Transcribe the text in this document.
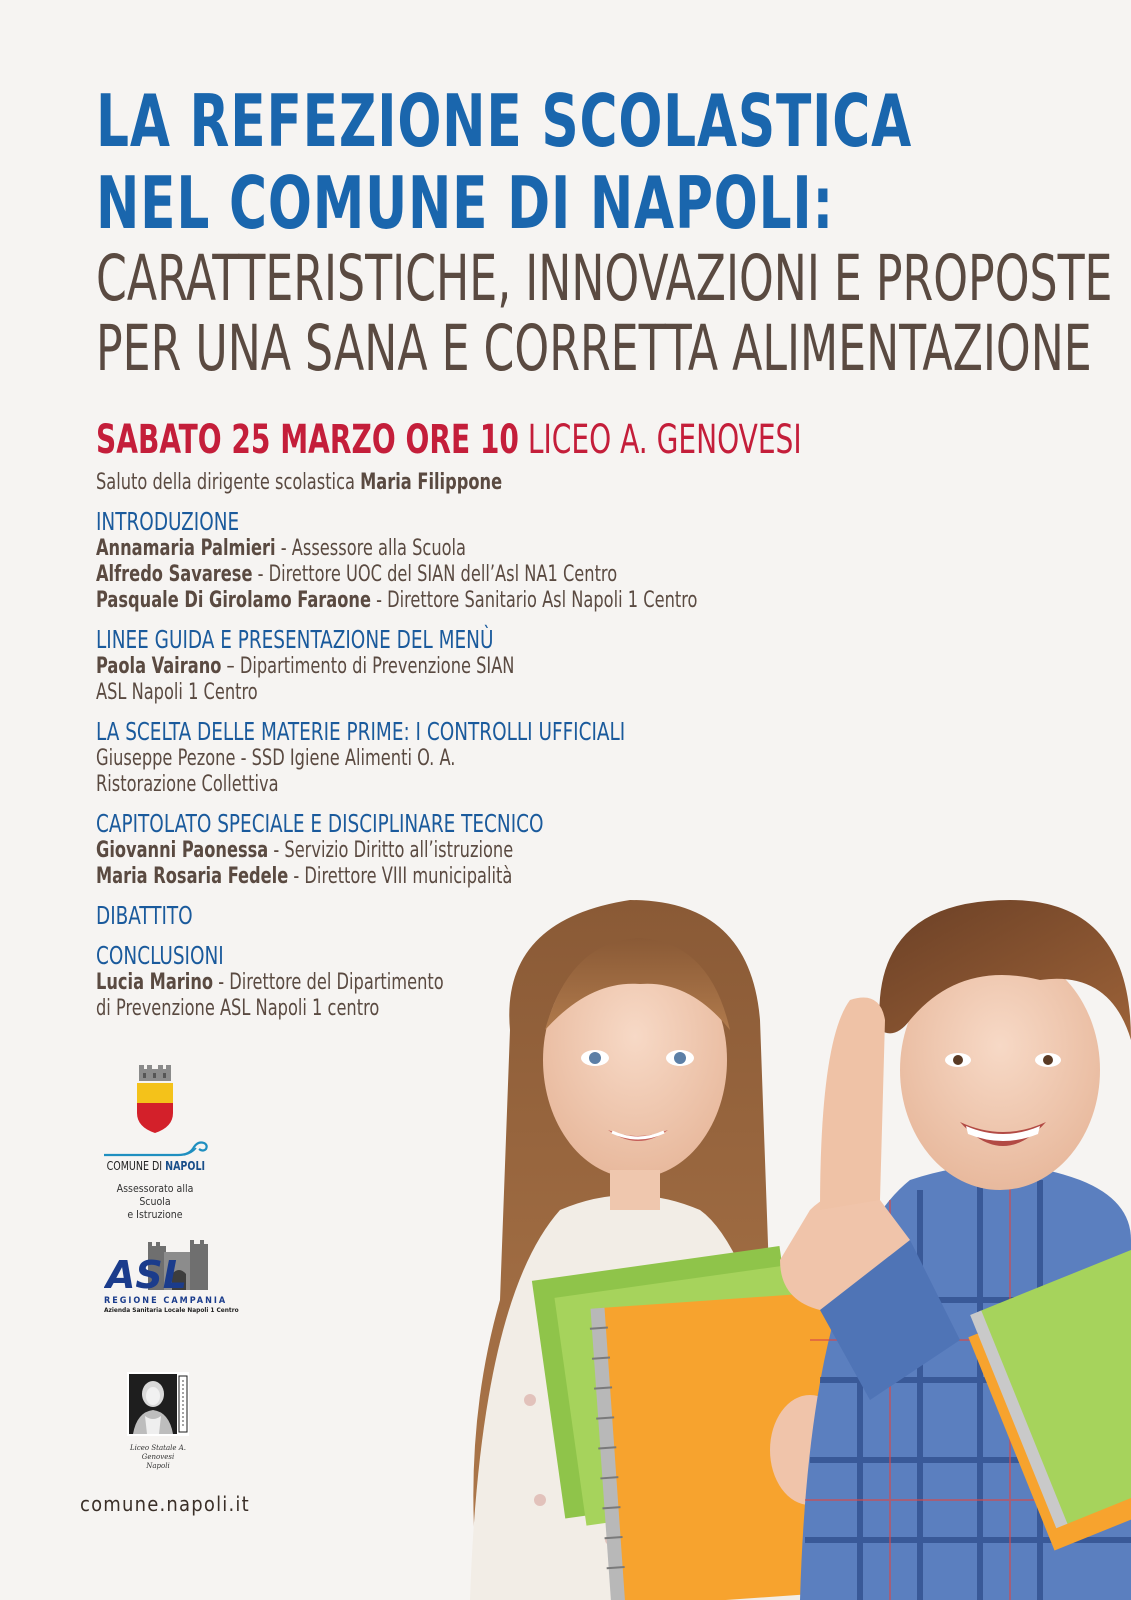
LA REFEZIONE SCOLASTICA
NEL COMUNE DI NAPOLI:
CARATTERISTICHE, INNOVAZIONI E PROPOSTE
PER UNA SANA E CORRETTA ALIMENTAZIONE
SABATO 25 MARZO ORE 10 LICEO A. GENOVESI
Saluto della dirigente scolastica Maria Filippone
INTRODUZIONE
Annamaria Palmieri - Assessore alla Scuola
Alfredo Savarese - Direttore UOC del SIAN dell’Asl NA1 Centro
Pasquale Di Girolamo Faraone - Direttore Sanitario Asl Napoli 1 Centro
LINEE GUIDA E PRESENTAZIONE DEL MENÙ
Paola Vairano – Dipartimento di Prevenzione SIAN
ASL Napoli 1 Centro
LA SCELTA DELLE MATERIE PRIME: I CONTROLLI UFFICIALI
Giuseppe Pezone - SSD Igiene Alimenti O. A.
Ristorazione Collettiva
CAPITOLATO SPECIALE E DISCIPLINARE TECNICO
Giovanni Paonessa - Servizio Diritto all’istruzione
Maria Rosaria Fedele - Direttore VIII municipalità
DIBATTITO
CONCLUSIONI
Lucia Marino - Direttore del Dipartimento
di Prevenzione ASL Napoli 1 centro
COMUNE DI NAPOLI
Assessorato alla Scuola
e Istruzione
ASL
REGIONE CAMPANIA
Azienda Sanitaria Locale Napoli 1 Centro
Liceo Statale A. Genovesi
Napoli
comune.napoli.it
